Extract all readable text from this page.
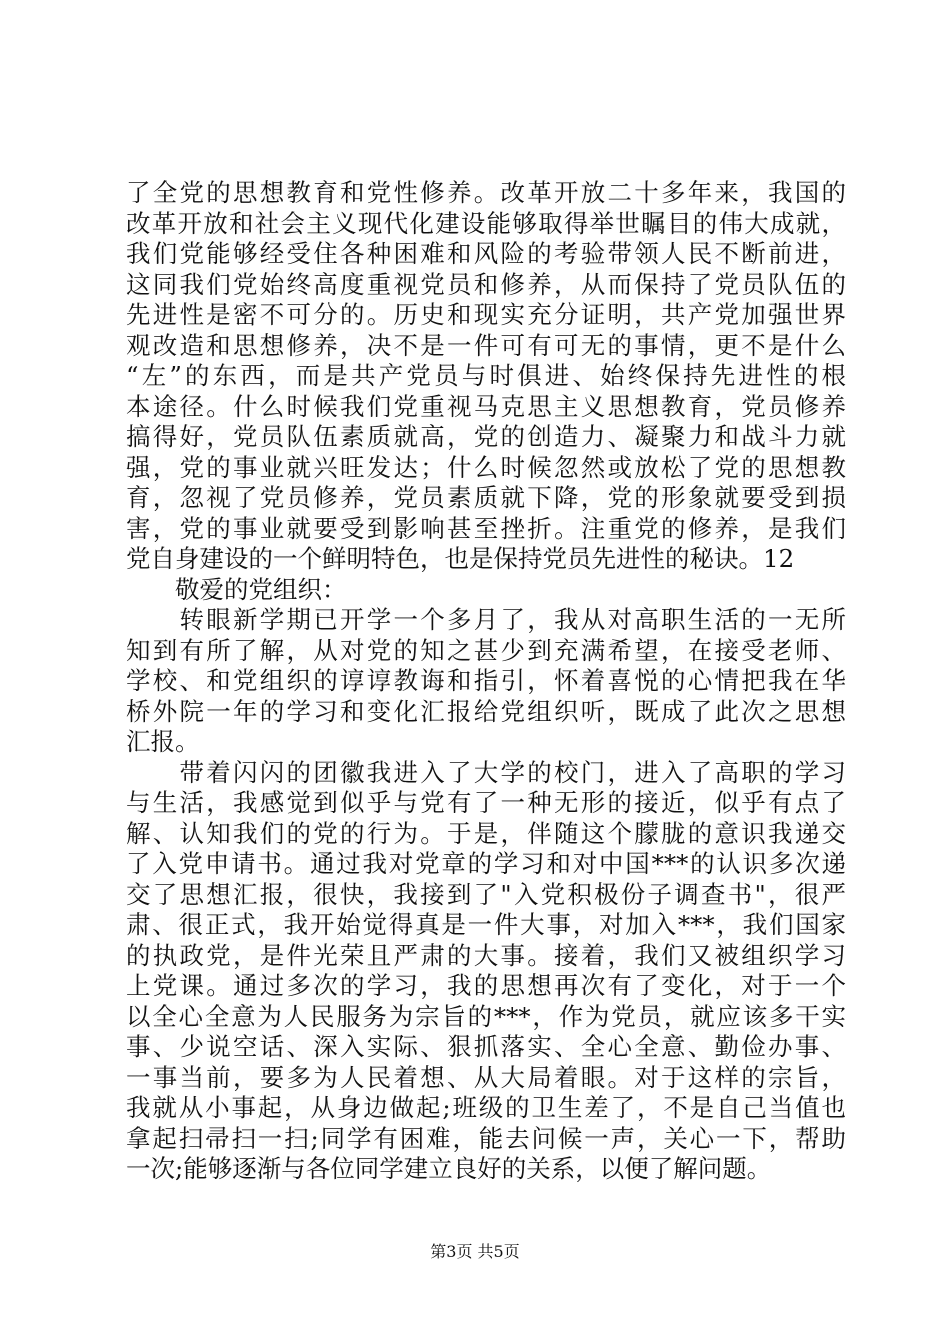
了全党的思想教育和党性修养。改革开放二十多年来，我国的
改革开放和社会主义现代化建设能够取得举世瞩目的伟大成就，
我们党能够经受住各种困难和风险的考验带领人民不断前进，
这同我们党始终高度重视党员和修养，从而保持了党员队伍的
先进性是密不可分的。历史和现实充分证明，共产党加强世界
观改造和思想修养，决不是一件可有可无的事情，更不是什么
“左”的东西，而是共产党员与时俱进、始终保持先进性的根
本途径。什么时候我们党重视马克思主义思想教育，党员修养
搞得好，党员队伍素质就高，党的创造力、凝聚力和战斗力就
强，党的事业就兴旺发达；什么时候忽然或放松了党的思想教
育，忽视了党员修养，党员素质就下降，党的形象就要受到损
害，党的事业就要受到影响甚至挫折。注重党的修养，是我们
党自身建设的一个鲜明特色，也是保持党员先进性的秘诀。12
　　敬爱的党组织：
　　转眼新学期已开学一个多月了，我从对高职生活的一无所
知到有所了解，从对党的知之甚少到充满希望，在接受老师、
学校、和党组织的谆谆教诲和指引，怀着喜悦的心情把我在华
桥外院一年的学习和变化汇报给党组织听，既成了此次之思想
汇报。
　　带着闪闪的团徽我进入了大学的校门，进入了高职的学习
与生活，我感觉到似乎与党有了一种无形的接近，似乎有点了
解、认知我们的党的行为。于是，伴随这个朦胧的意识我递交
了入党申请书。通过我对党章的学习和对中国***的认识多次递
交了思想汇报，很快，我接到了"入党积极份子调查书"，很严
肃、很正式，我开始觉得真是一件大事，对加入***，我们国家
的执政党，是件光荣且严肃的大事。接着，我们又被组织学习
上党课。通过多次的学习，我的思想再次有了变化，对于一个
以全心全意为人民服务为宗旨的***，作为党员，就应该多干实
事、少说空话、深入实际、狠抓落实、全心全意、勤俭办事、
一事当前，要多为人民着想、从大局着眼。对于这样的宗旨，
我就从小事起，从身边做起;班级的卫生差了，不是自己当值也
拿起扫帚扫一扫;同学有困难，能去问候一声，关心一下，帮助
一次;能够逐渐与各位同学建立良好的关系，以便了解问题。
第3页 共5页
